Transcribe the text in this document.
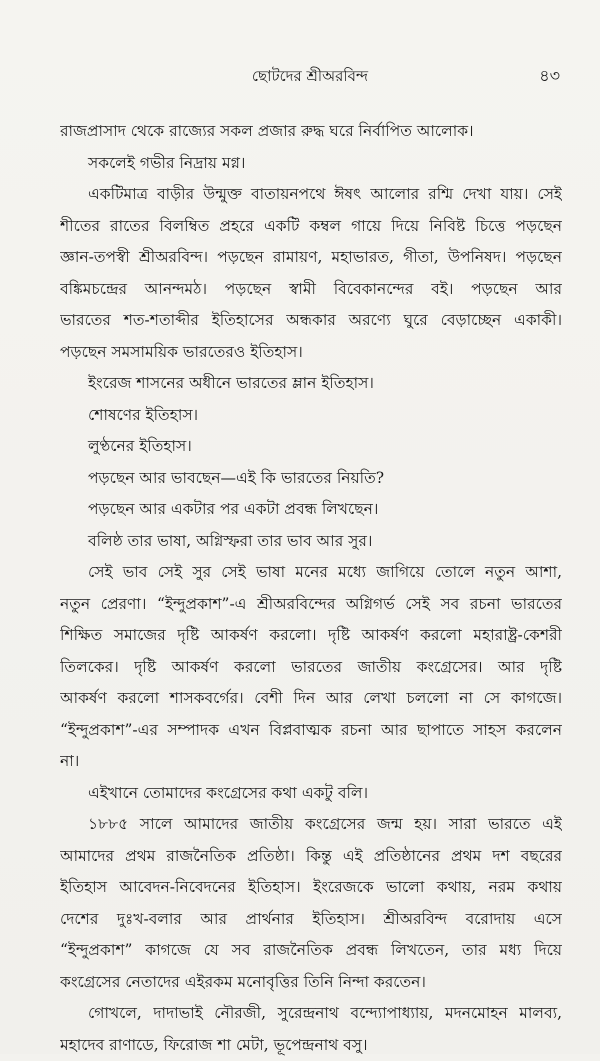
ছোটদের শ্রীঅরবিন্দ	৪৩
রাজপ্রাসাদ থেকে রাজ্যের সকল প্রজার রুদ্ধ ঘরে নির্বাপিত আলোক।
সকলেই গভীর নিদ্রায় মগ্ন।
একটিমাত্র বাড়ীর উন্মুক্ত বাতায়নপথে ঈষৎ আলোর রশ্মি দেখা যায়। সেই
শীতের রাতের বিলম্বিত প্রহরে একটি কম্বল গায়ে দিয়ে নিবিষ্ট চিত্তে পড়ছেন
জ্ঞান-তপস্বী শ্রীঅরবিন্দ। পড়ছেন রামায়ণ, মহাভারত, গীতা, উপনিষদ। পড়ছেন
বঙ্কিমচন্দ্রের আনন্দমঠ। পড়ছেন স্বামী বিবেকানন্দের বই। পড়ছেন আর
ভারতের শত-শতাব্দীর ইতিহাসের অন্ধকার অরণ্যে ঘুরে বেড়াচ্ছেন একাকী।
পড়ছেন সমসাময়িক ভারতেরও ইতিহাস।
ইংরেজ শাসনের অধীনে ভারতের ম্লান ইতিহাস।
শোষণের ইতিহাস।
লুণ্ঠনের ইতিহাস।
পড়ছেন আর ভাবছেন—এই কি ভারতের নিয়তি?
পড়ছেন আর একটার পর একটা প্রবন্ধ লিখছেন।
বলিষ্ঠ তার ভাষা, অগ্নিস্ফরা তার ভাব আর সুর।
সেই ভাব সেই সুর সেই ভাষা মনের মধ্যে জাগিয়ে তোলে নতুন আশা,
নতুন প্রেরণা। “ইন্দুপ্রকাশ”-এ শ্রীঅরবিন্দের অগ্নিগর্ভ সেই সব রচনা ভারতের
শিক্ষিত সমাজের দৃষ্টি আকর্ষণ করলো। দৃষ্টি আকর্ষণ করলো মহারাষ্ট্র-কেশরী
তিলকের। দৃষ্টি আকর্ষণ করলো ভারতের জাতীয় কংগ্রেসের। আর দৃষ্টি
আকর্ষণ করলো শাসকবর্গের। বেশী দিন আর লেখা চললো না সে কাগজে।
“ইন্দুপ্রকাশ”-এর সম্পাদক এখন বিপ্লবাত্মক রচনা আর ছাপাতে সাহস করলেন
না।
এইখানে তোমাদের কংগ্রেসের কথা একটু বলি।
১৮৮৫ সালে আমাদের জাতীয় কংগ্রেসের জন্ম হয়। সারা ভারতে এই
আমাদের প্রথম রাজনৈতিক প্রতিষ্ঠা। কিন্তু এই প্রতিষ্ঠানের প্রথম দশ বছরের
ইতিহাস আবেদন-নিবেদনের ইতিহাস। ইংরেজকে ভালো কথায়, নরম কথায়
দেশের দুঃখ-বলার আর প্রার্থনার ইতিহাস। শ্রীঅরবিন্দ বরোদায় এসে
“ইন্দুপ্রকাশ” কাগজে যে সব রাজনৈতিক প্রবন্ধ লিখতেন, তার মধ্য দিয়ে
কংগ্রেসের নেতাদের এইরকম মনোবৃত্তির তিনি নিন্দা করতেন।
গোখলে, দাদাভাই নৌরজী, সুরেন্দ্রনাথ বন্দ্যোপাধ্যায়, মদনমোহন মালব্য,
মহাদেব রাণাডে, ফিরোজ শা মেটা, ভূপেন্দ্রনাথ বসু।
